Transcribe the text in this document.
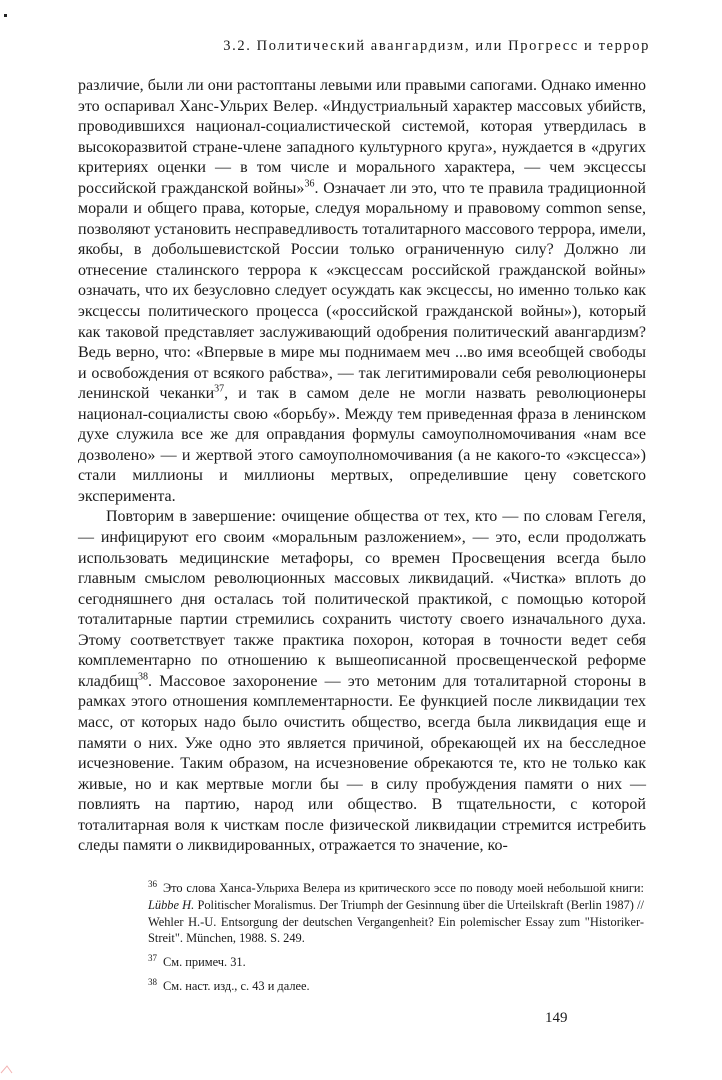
3.2. Политический авангардизм, или Прогресс и террор

различие, были ли они растоптаны левыми или правыми сапогами. Однако именно это оспаривал Ханс-Ульрих Велер. «Индустриальный характер массовых убийств, проводившихся национал-социалистической системой, которая утвердилась в высокоразвитой стране-члене западного культурного круга», нуждается в «других критериях оценки — в том числе и морального характера, — чем эксцессы российской гражданской войны»$^{36}$. Означает ли это, что те правила традиционной морали и общего права, которые, следуя моральному и правовому common sense, позволяют установить несправедливость тоталитарного массового террора, имели, якобы, в добольшевистской России только ограниченную силу? Должно ли отнесение сталинского террора к «эксцессам российской гражданской войны» означать, что их безусловно следует осуждать как эксцессы, но именно только как эксцессы политического процесса («российской гражданской войны»), который как таковой представляет заслуживающий одобрения политический авангардизм? Ведь верно, что: «Впервые в мире мы поднимаем меч ...во имя всеобщей свободы и освобождения от всякого рабства», — так легитимировали себя революционеры ленинской чеканки$^{37}$, и так в самом деле не могли назвать революционеры национал-социалисты свою «борьбу». Между тем приведенная фраза в ленинском духе служила все же для оправдания формулы самоуполномочивания «нам все дозволено» — и жертвой этого самоуполномочивания (а не какого-то «эксцесса») стали миллионы и миллионы мертвых, определившие цену советского эксперимента.

Повторим в завершение: очищение общества от тех, кто — по словам Гегеля, — инфицируют его своим «моральным разложением», — это, если продолжать использовать медицинские метафоры, со времен Просвещения всегда было главным смыслом революционных массовых ликвидаций. «Чистка» вплоть до сегодняшнего дня осталась той политической практикой, с помощью которой тоталитарные партии стремились сохранить чистоту своего изначального духа. Этому соответствует также практика похорон, которая в точности ведет себя комплементарно по отношению к вышеописанной просвещенческой реформе кладбищ$^{38}$. Массовое захоронение — это метоним для тоталитарной стороны в рамках этого отношения комплементарности. Ее функцией после ликвидации тех масс, от которых надо было очистить общество, всегда была ликвидация еще и памяти о них. Уже одно это является причиной, обрекающей их на бесследное исчезновение. Таким образом, на исчезновение обрекаются те, кто не только как живые, но и как мертвые могли бы — в силу пробуждения памяти о них — повлиять на партию, народ или общество. В тщательности, с которой тоталитарная воля к чисткам после физической ликвидации стремится истребить следы памяти о ликвидированных, отражается то значение, ко-

$^{36}$ Это слова Ханса-Ульриха Велера из критического эссе по поводу моей небольшой книги: Lübbe H. Politischer Moralismus. Der Triumph der Gesinnung über die Urteilskraft (Berlin 1987) // Wehler H.-U. Entsorgung der deutschen Vergangenheit? Ein polemischer Essay zum "Historiker-Streit". München, 1988. S. 249.

$^{37}$ См. примеч. 31.

$^{38}$ См. наст. изд., с. 43 и далее.

149
